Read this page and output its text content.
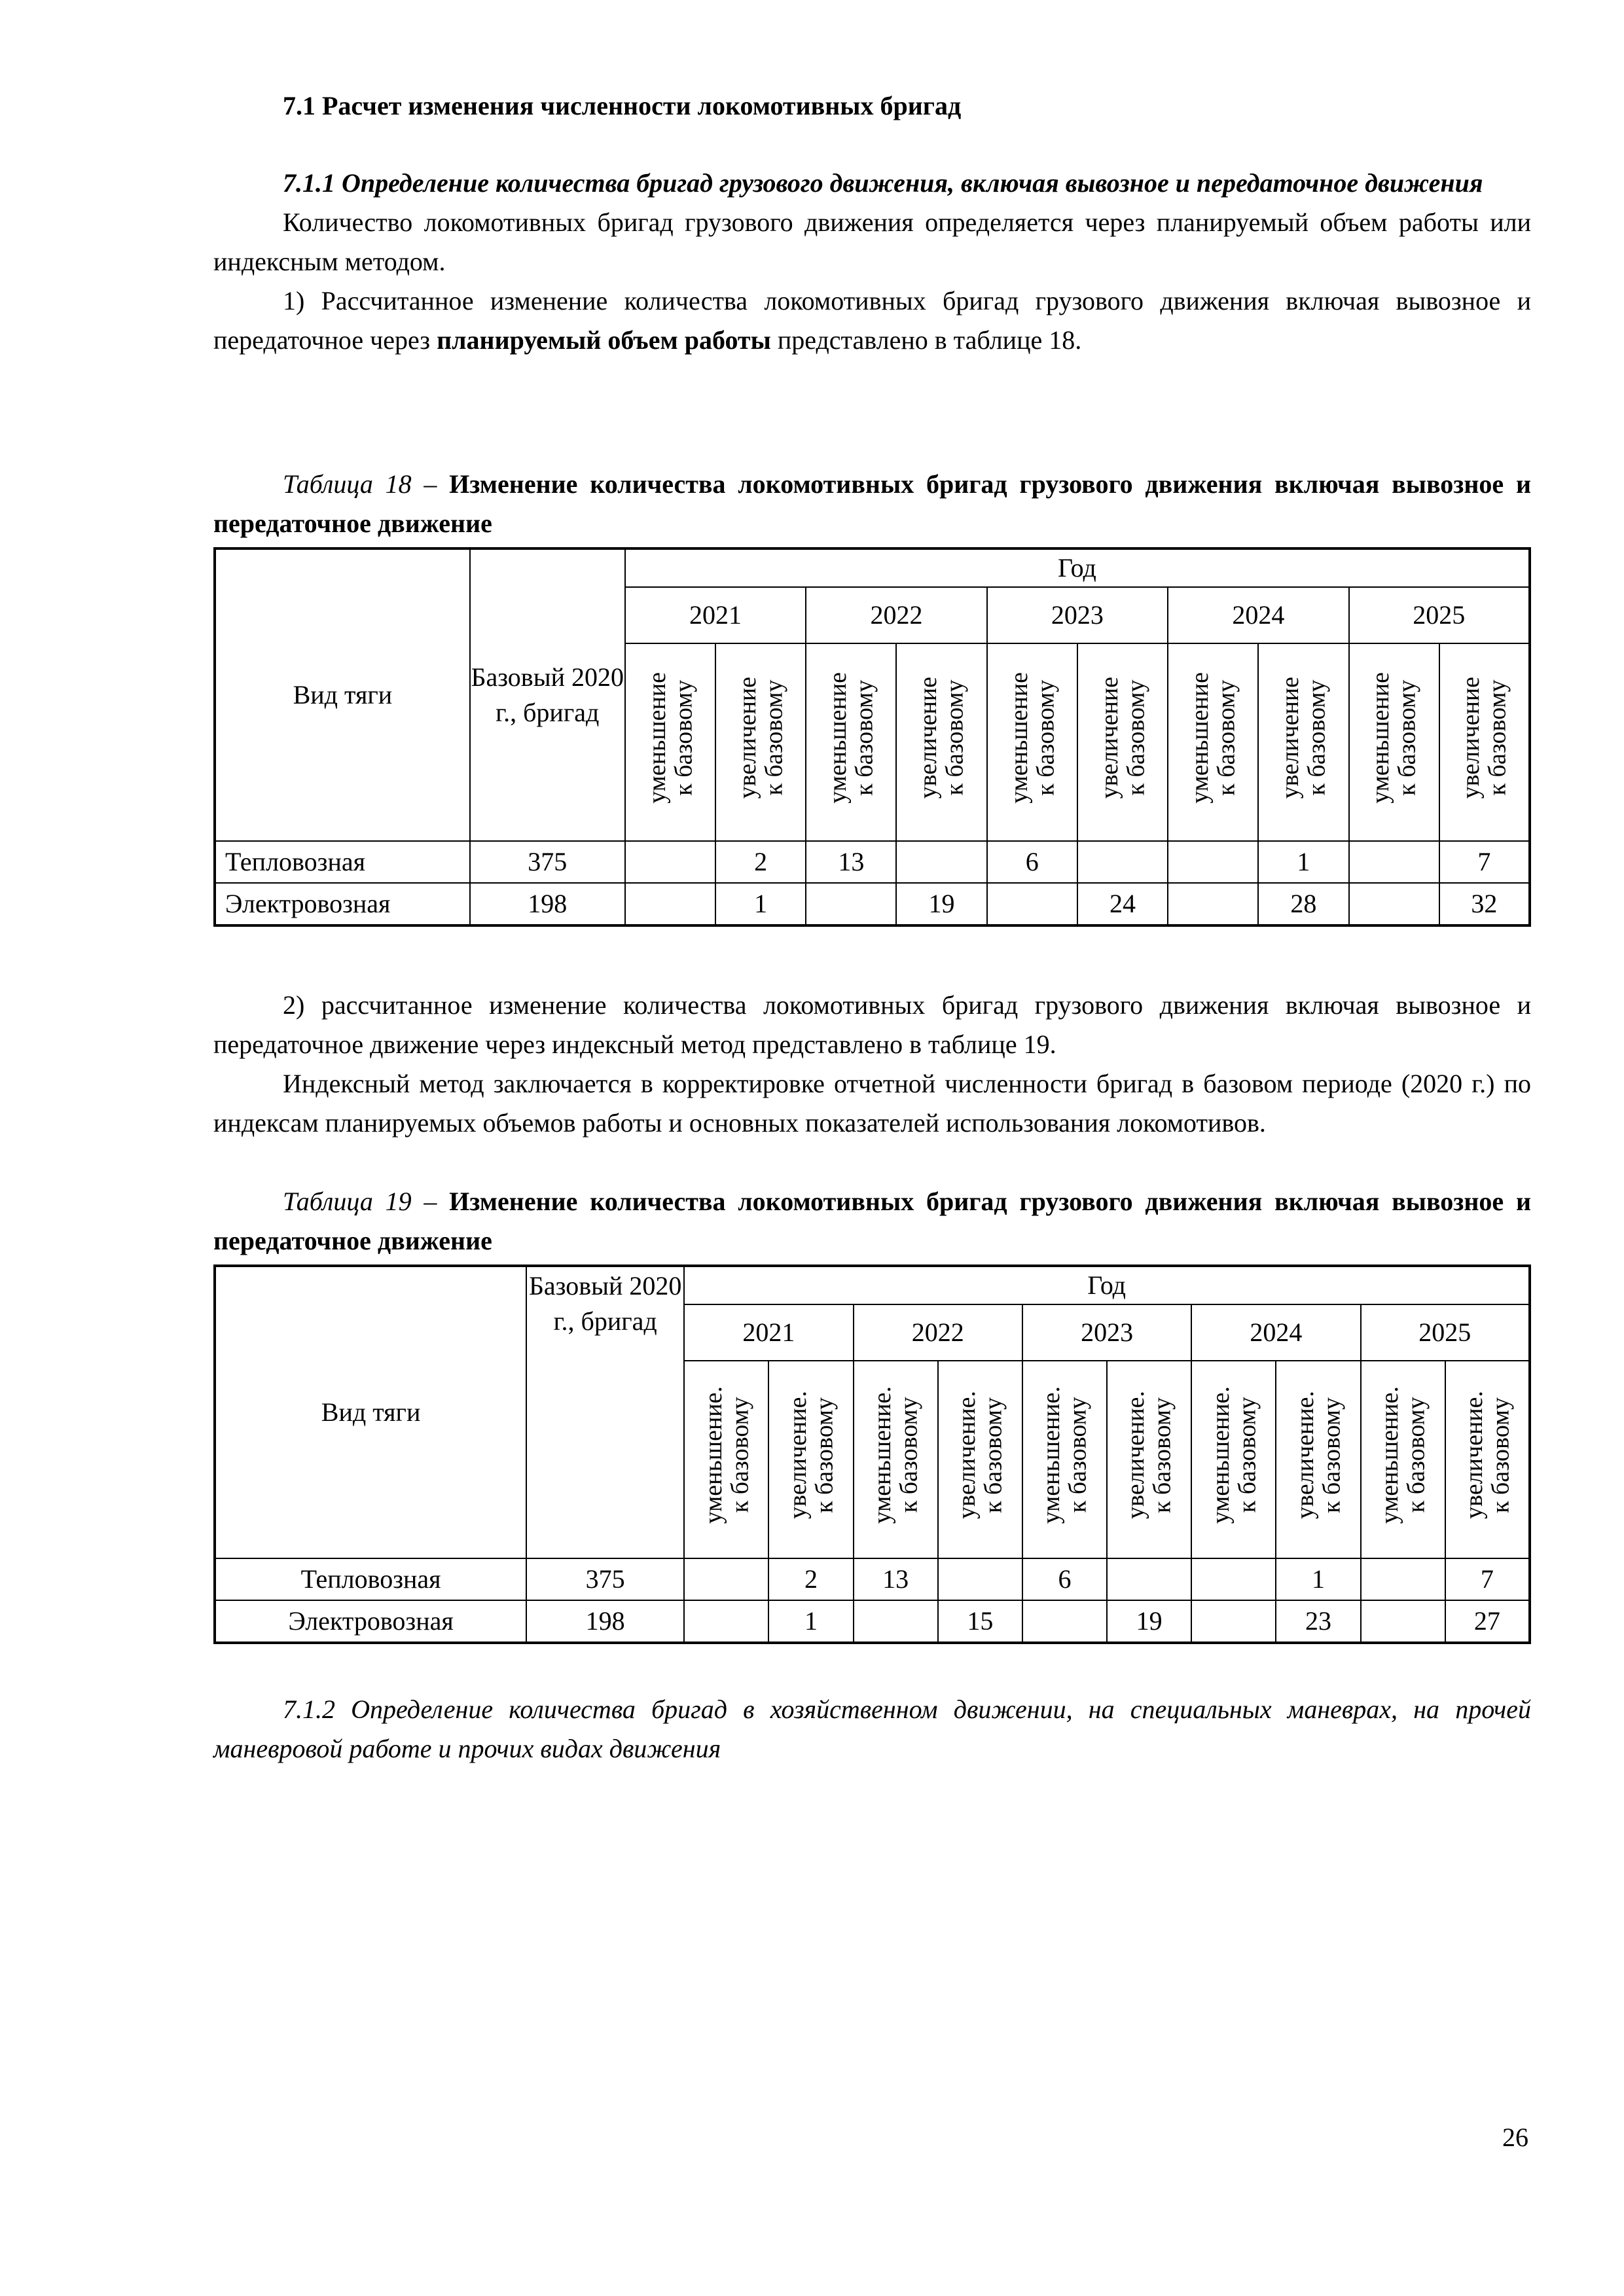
7.1 Расчет изменения численности локомотивных бригад

7.1.1 Определение количества бригад грузового движения, включая вывозное и передаточное движения

Количество локомотивных бригад грузового движения определяется через планируемый объем работы или индексным методом.

1) Рассчитанное изменение количества локомотивных бригад грузового движения включая вывозное и передаточное через планируемый объем работы представлено в таблице 18.

Таблица 18 – Изменение количества локомотивных бригад грузового движения включая вывозное и передаточное движение

Вид тяги	Базовый 2020 г., бригад	Год									
		2021		2022		2023		2024		2025	
		уменьшение
к базовому	увеличение
к базовому	уменьшение
к базовому	увеличение
к базовому	уменьшение
к базовому	увеличение
к базовому	уменьшение
к базовому	увеличение
к базовому	уменьшение
к базовому	увеличение
к базовому
Тепловозная	375		2	13		6			1		7
Электровозная	198		1		19		24		28		32

2) рассчитанное изменение количества локомотивных бригад грузового движения включая вывозное и передаточное движение через индексный метод представлено в таблице 19.

Индексный метод заключается в корректировке отчетной численности бригад в базовом периоде (2020 г.) по индексам планируемых объемов работы и основных показателей использования локомотивов.

Таблица 19 – Изменение количества локомотивных бригад грузового движения включая вывозное и передаточное движение

Вид тяги	Базовый 2020 г., бригад	Год									
		2021		2022		2023		2024		2025	
		уменьшение.
к базовому	увеличение.
к базовому	уменьшение.
к базовому	увеличение.
к базовому	уменьшение.
к базовому	увеличение.
к базовому	уменьшение.
к базовому	увеличение.
к базовому	уменьшение.
к базовому	увеличение.
к базовому
Тепловозная	375		2	13		6			1		7
Электровозная	198		1		15		19		23		27

7.1.2 Определение количества бригад в хозяйственном движении, на специальных маневрах, на прочей маневровой работе и прочих видах движения

26
